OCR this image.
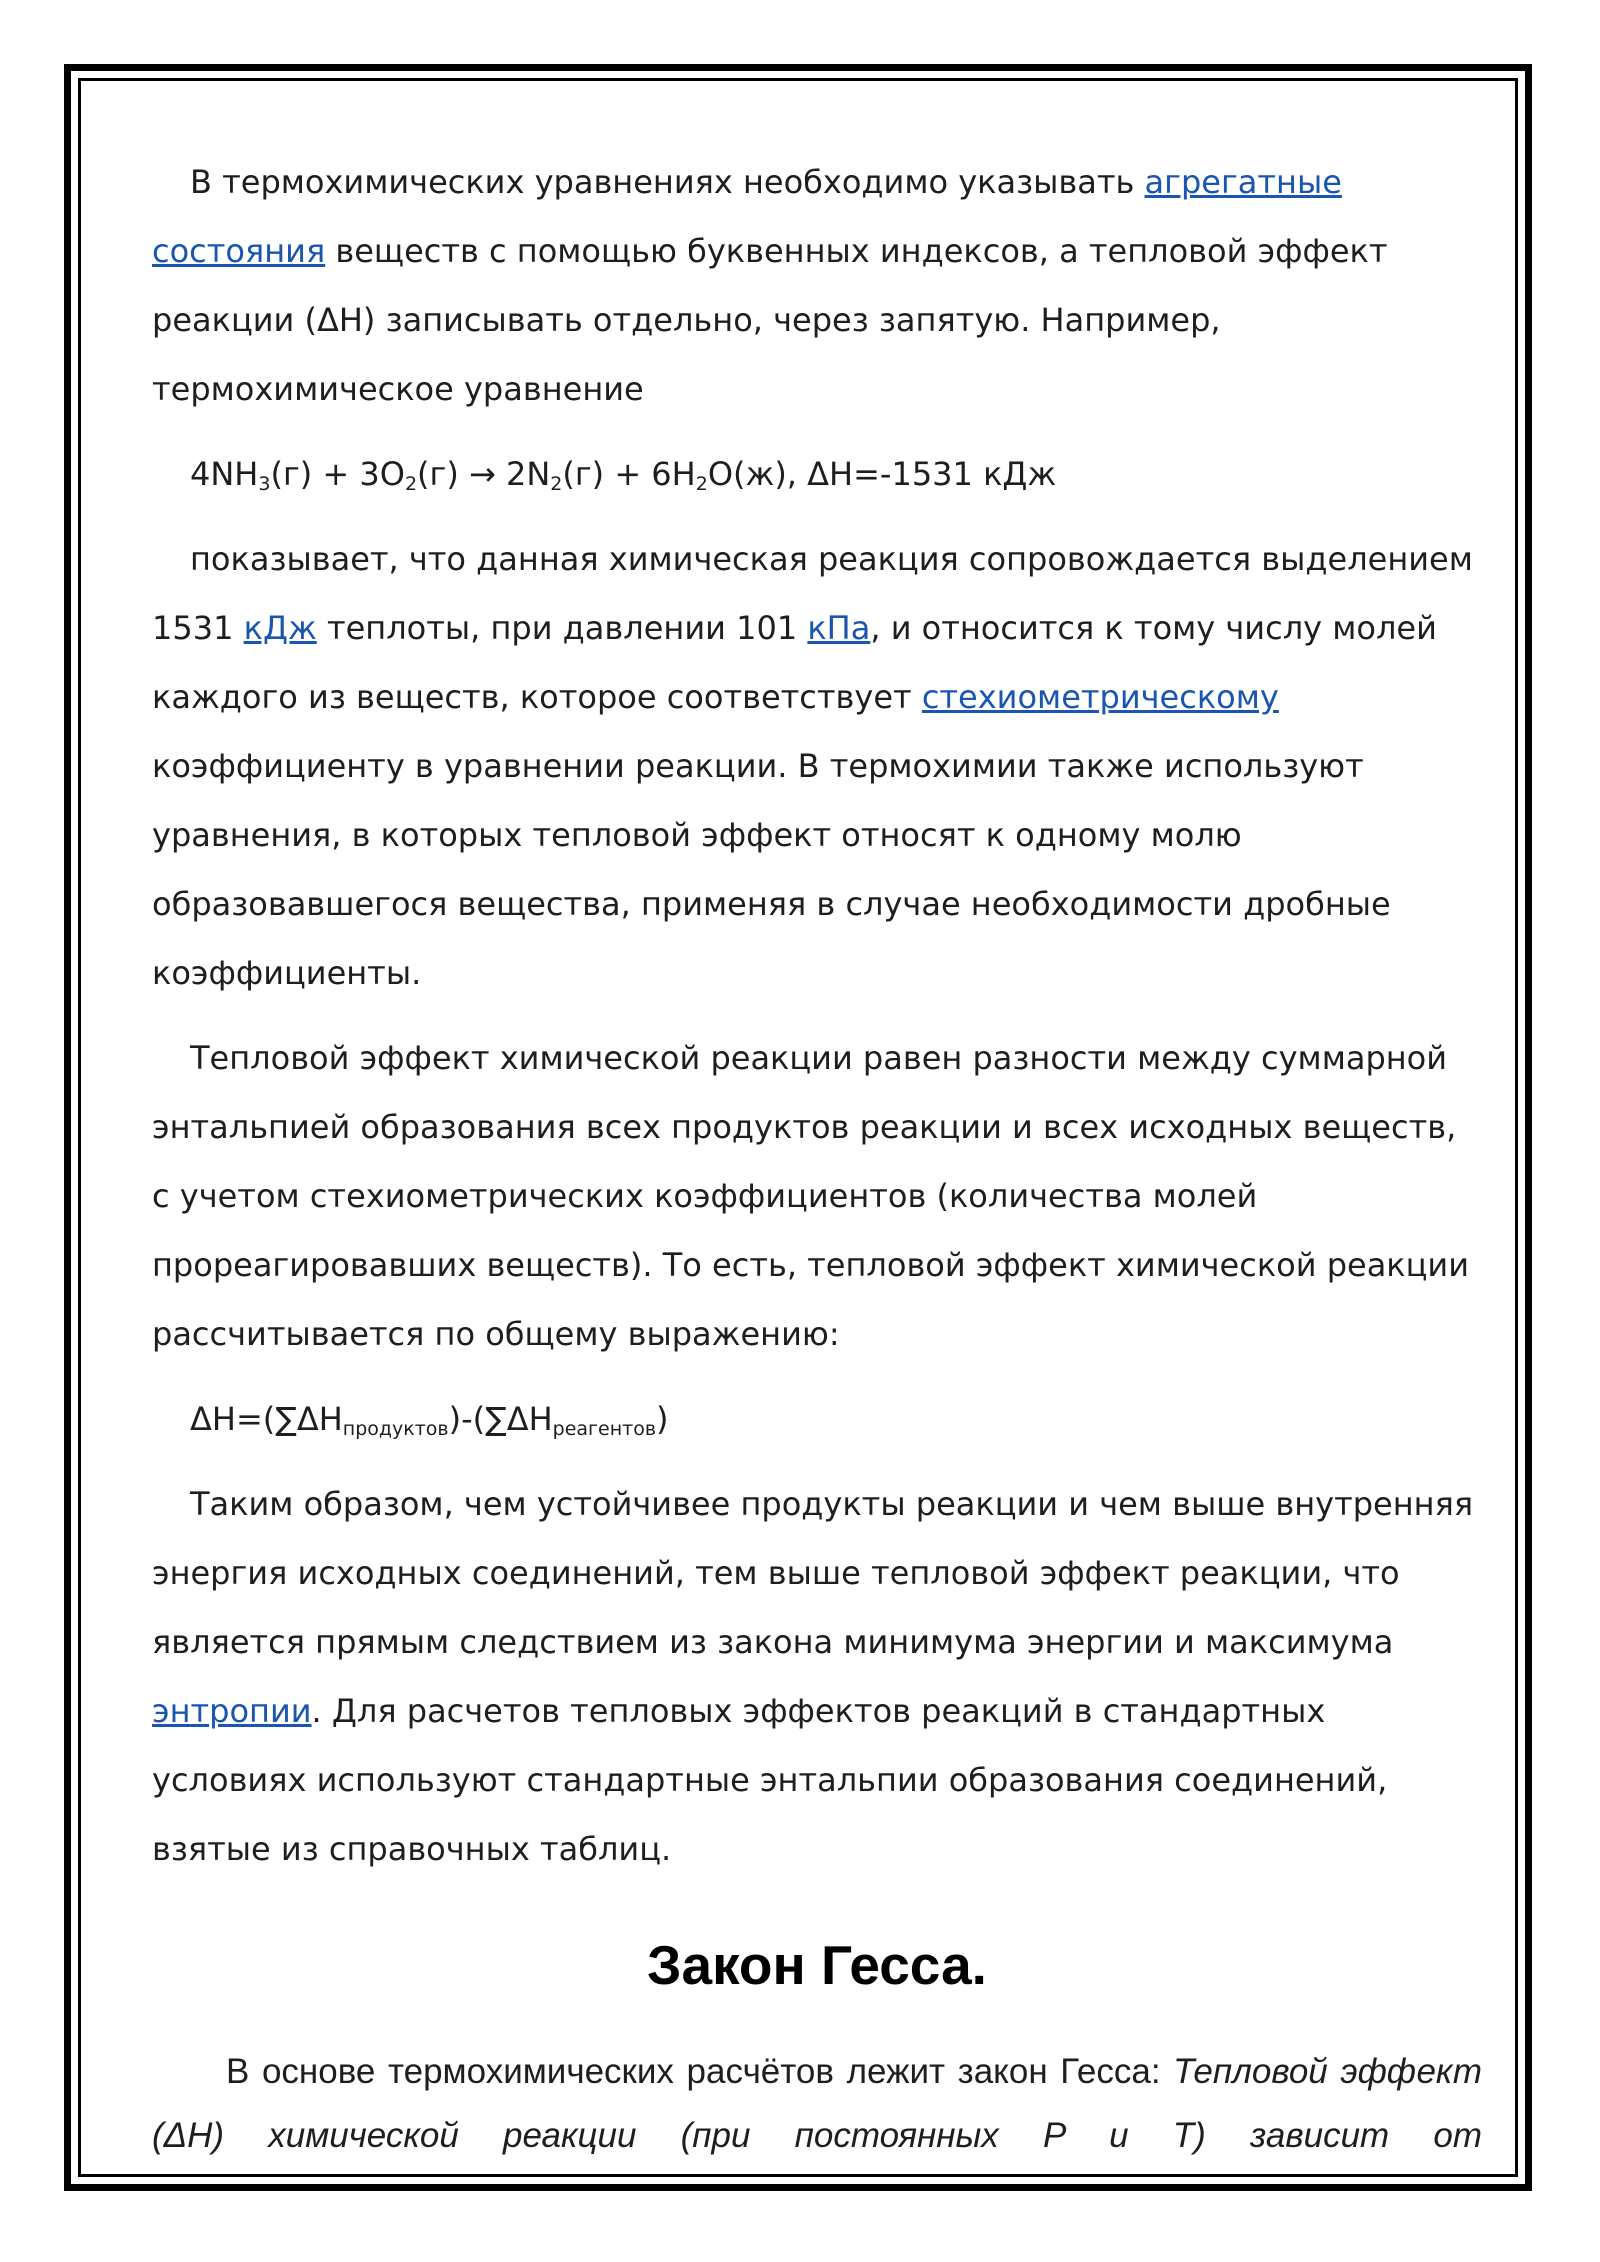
В термохимических уравнениях необходимо указывать агрегатные состояния веществ с помощью буквенных индексов, а тепловой эффект реакции (ΔH) записывать отдельно, через запятую. Например, термохимическое уравнение

$4NH_3(г) + 3O_2(г) \to 2N_2(г) + 6H_2O(ж)$, ΔH=-1531 кДж

показывает, что данная химическая реакция сопровождается выделением 1531 кДж теплоты, при давлении 101 кПа, и относится к тому числу молей каждого из веществ, которое соответствует стехиометрическому коэффициенту в уравнении реакции. В термохимии также используют уравнения, в которых тепловой эффект относят к одному молю образовавшегося вещества, применяя в случае необходимости дробные коэффициенты.

Тепловой эффект химической реакции равен разности между суммарной энтальпией образования всех продуктов реакции и всех исходных веществ, с учетом стехиометрических коэффициентов (количества молей прореагировавших веществ). То есть, тепловой эффект химической реакции рассчитывается по общему выражению:

$\Delta H=(\sum\Delta H_{продуктов})-(\sum\Delta H_{реагентов})$

Таким образом, чем устойчивее продукты реакции и чем выше внутренняя энергия исходных соединений, тем выше тепловой эффект реакции, что является прямым следствием из закона минимума энергии и максимума энтропии. Для расчетов тепловых эффектов реакций в стандартных условиях используют стандартные энтальпии образования соединений, взятые из справочных таблиц.

Закон Гесса.

В основе термохимических расчётов лежит закон Гесса: Тепловой эффект (ΔH) химической реакции (при постоянных P и T) зависит от
